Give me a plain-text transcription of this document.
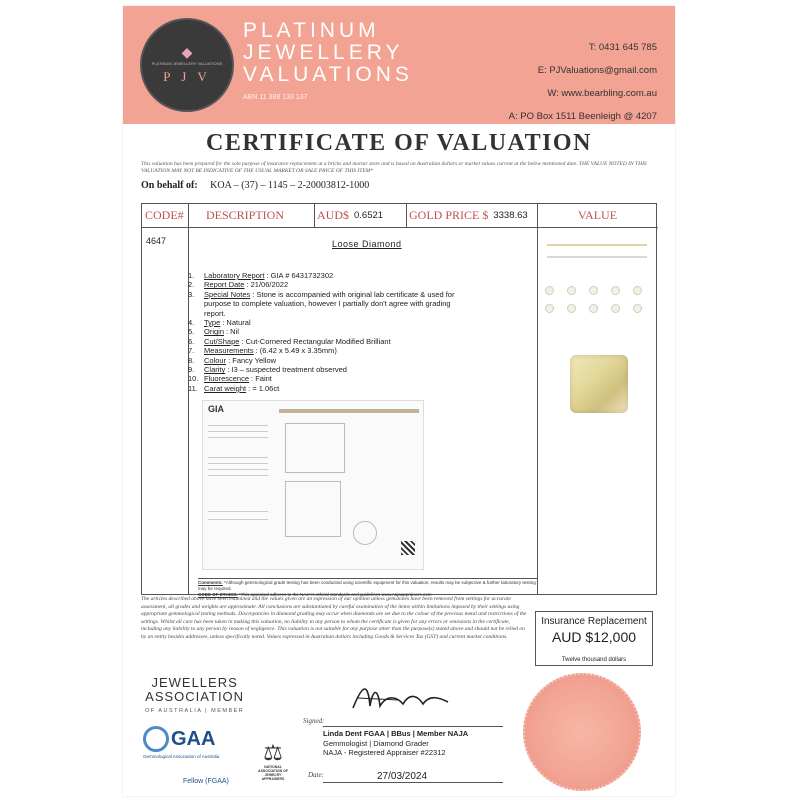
◆
PLATINUM JEWELLERY VALUATIONS
P J V
PLATINUM
JEWELLERY
VALUATIONS
ABN 11 388 133 137
T: 0431 645 785
E: PJValuations@gmail.com
W: www.bearbling.com.au
A: PO Box 1511 Beenleigh @ 4207
CERTIFICATE OF VALUATION
This valuation has been prepared for the sole purpose of insurance replacement at a bricks and mortar store and is based on Australian dollars or market values current at the below mentioned date. THE VALUE NOTED IN THIS VALUATION MAY NOT BE INDICATIVE OF THE USUAL MARKET OR SALE PRICE OF THIS ITEM*
On behalf of: KOA – (37) – 1145 – 2-20003812-1000
CODE#	DESCRIPTION	AUD$ 0.6521 GOLD PRICE $ 3338.63	VALUE
4647	Loose Diamond
1.	Laboratory Report : GIA # 6431732302
2.	Report Date : 21/06/2022
3.	Special Notes : Stone is accompanied with original lab certificate & used for purpose to complete valuation, however I partially don't agree with grading report.
4.	Type : Natural
5.	Origin : Nil
6.	Cut/Shape : Cut-Cornered Rectangular Modified Brilliant
7.	Measurements : (6.42 x 5.49 x 3.35mm)
8.	Colour : Fancy Yellow
9.	Clarity : I3 – suspected treatment observed
10. Fluorescence : Faint
11. Carat weight : = 1.06ct
GIA
Comments: *Although gemmological grade testing has been conducted using scientific equipment for this valuation, results may be subjective & further laboratory testing may be required.
CODE OF ETHICS: *This appraisal adheres to the NAJA's ethical standards and guidelines www.najaappraisers.com
The articles described above have been examined and the values given are an expression of our opinion unless gemstones have been removed from settings for accurate assessment, all grades and weights are approximate. All conclusions are substantiated by careful examination of the items within limitations imposed by their settings using appropriate gemmological testing methods. Discrepancies in diamond grading may occur when diamonds are set due to the colour of the precious metal and restrictions of the settings. Whilst all care has been taken in making this valuation, no liability to any person to whom the certificate is given for any errors or omissions in the certificate, including any liability to any person by reason of negligence. This valuation is not suitable for any purpose other than the purpose(s) stated above and should not be relied on by an entity besides addressee, unless specifically noted. Values expressed in Australian dollars including Goods & Services Tax (GST) and current market conditions.
Insurance Replacement
AUD $12,000
Twelve thousand dollars
JEWELLERS
ASSOCIATION
OF AUSTRALIA | MEMBER
Signed:
Linda Dent FGAA | BBus | Member NAJA
Gemmologist | Diamond Grader
NAJA - Registered Appraiser #22312
GAA
Gemmological Association of Australia
Fellow (FGAA)
⚖
NATIONAL ASSOCIATION OF JEWELRY APPRAISERS	Date:	27/03/2024
